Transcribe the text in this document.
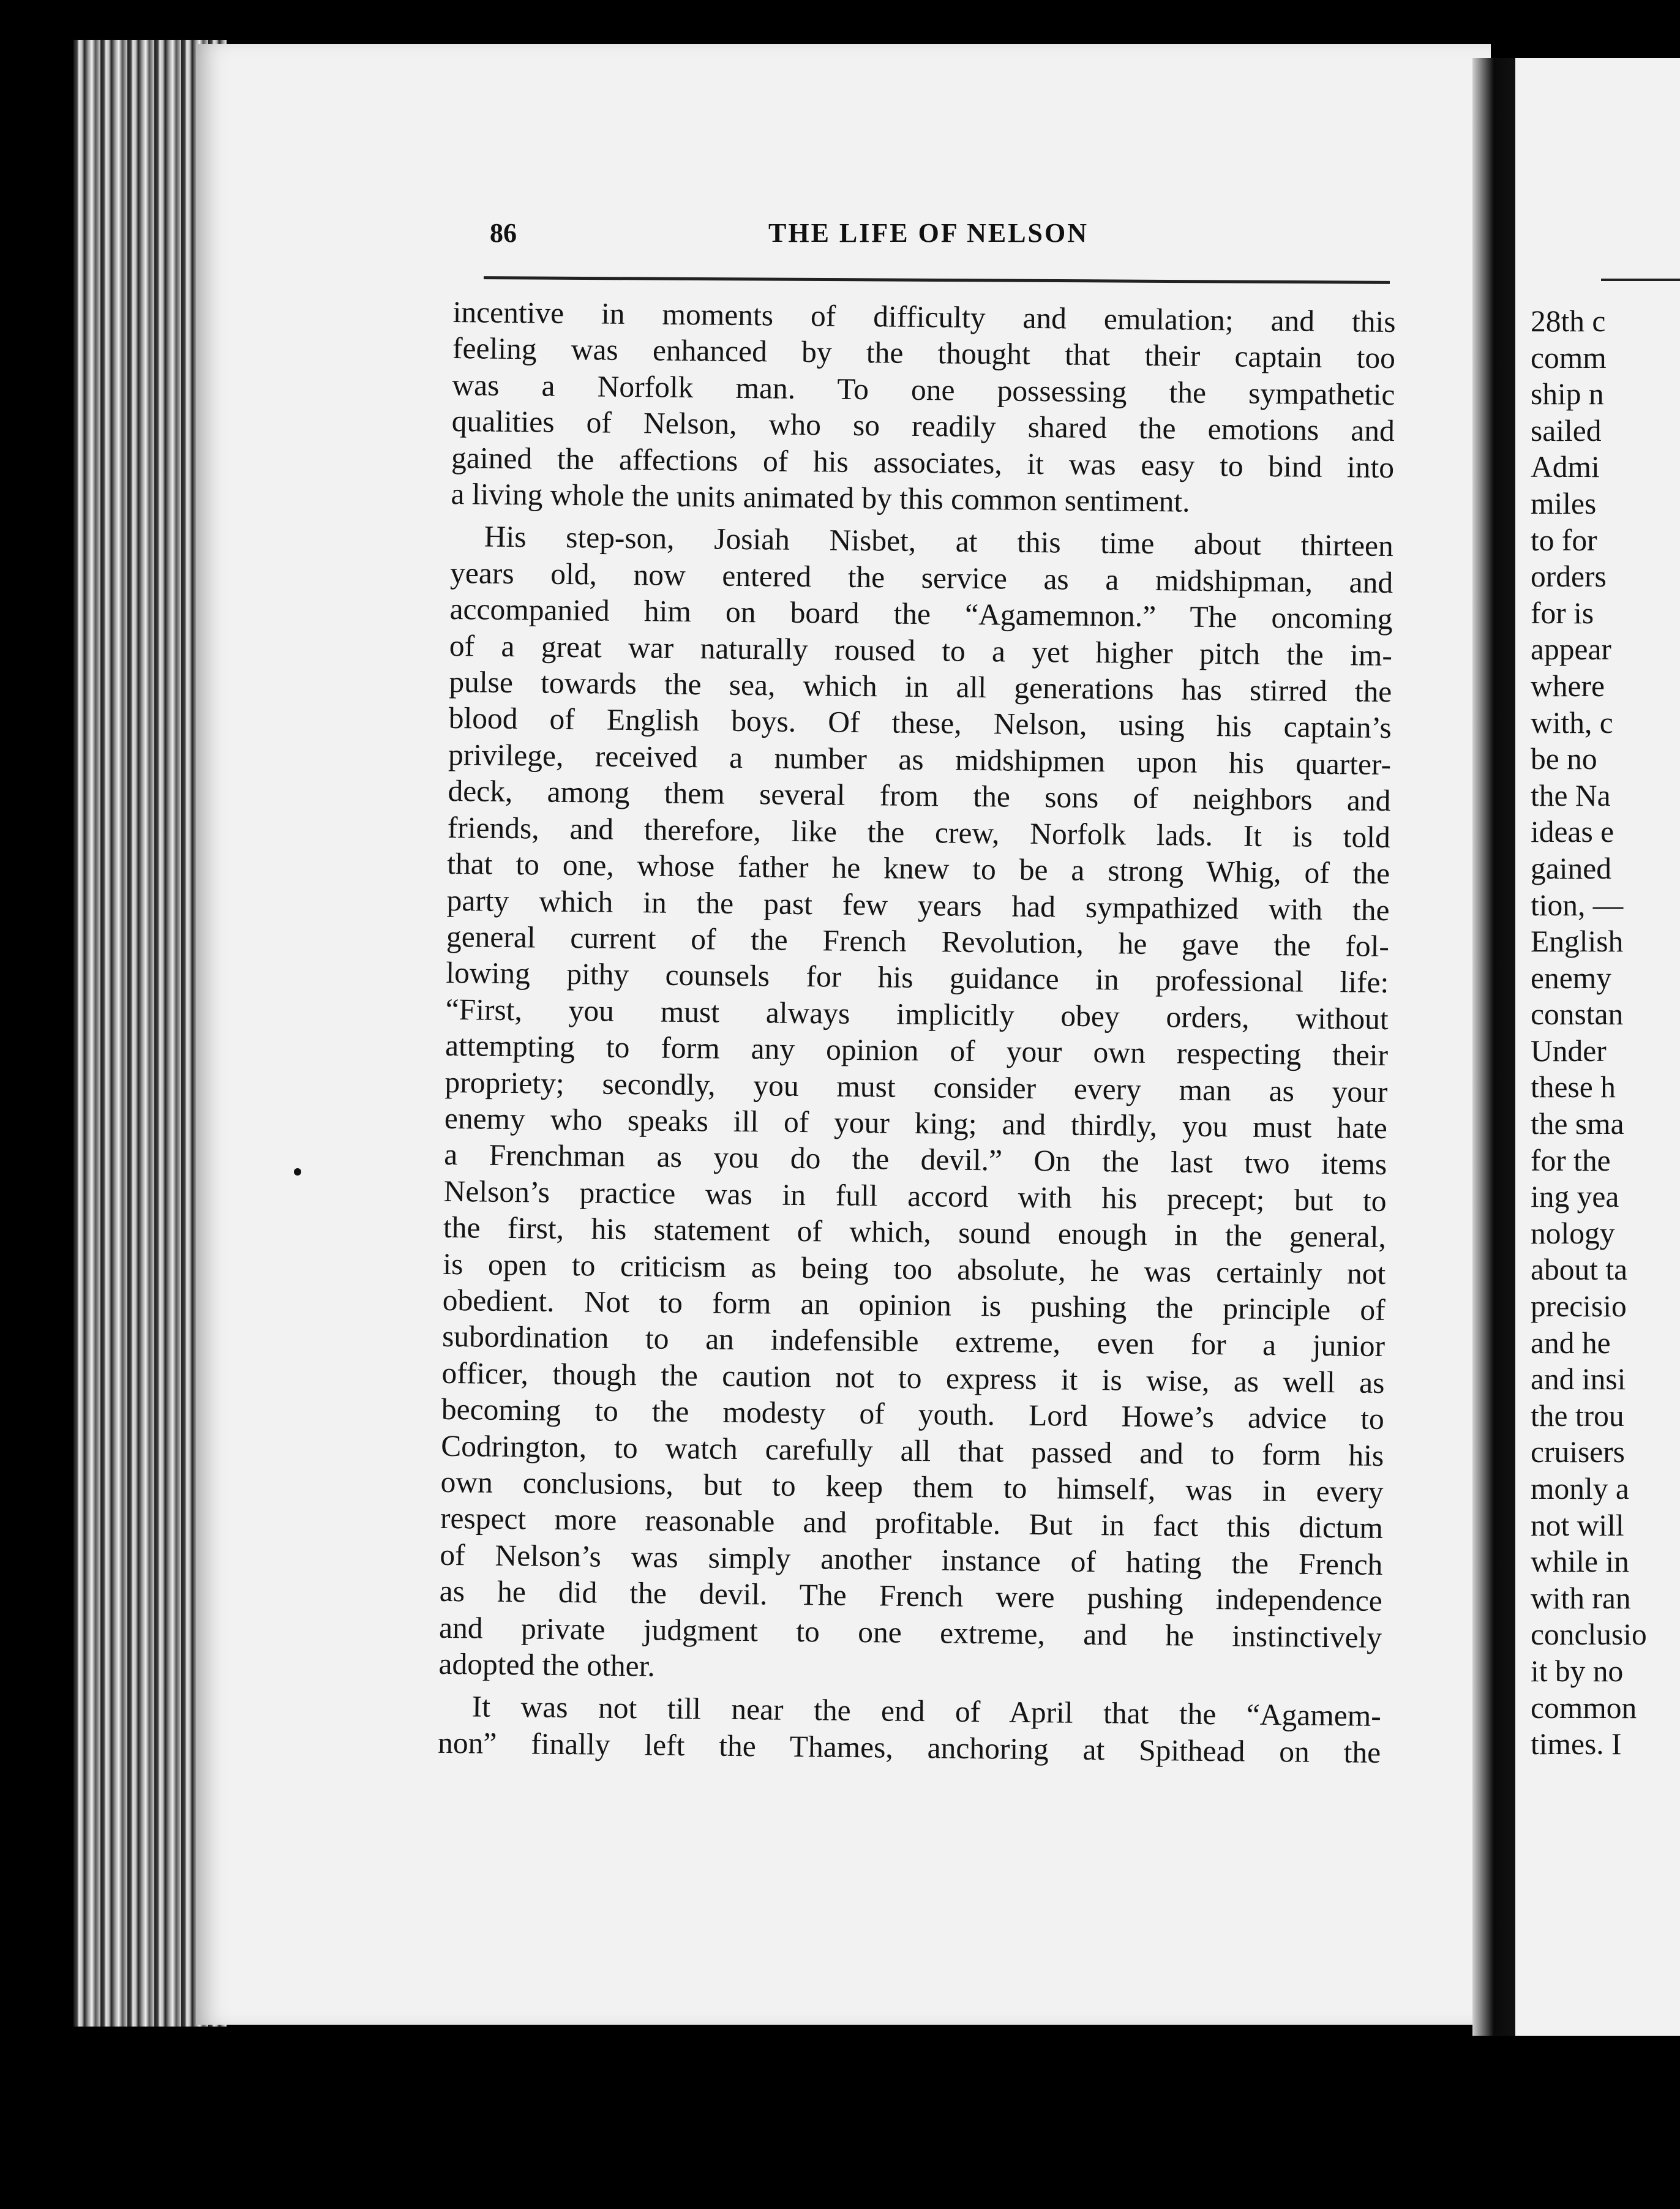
28th c
comm
ship n
sailed
Admi
miles
to for
orders
for is
appear
where
with, c
be no
the Na
ideas e
gained
tion, —
English
enemy
constan
Under
these h
the sma
for the
ing yea
nology
about ta
precisio
and he
and insi
the trou
cruisers
monly a
not will
while in
with ran
conclusio
it by no
common
times. I
86	THE LIFE OF NELSON
incentive in moments of difficulty and emulation; and this
feeling was enhanced by the thought that their captain too
was a Norfolk man. To one possessing the sympathetic
qualities of Nelson, who so readily shared the emotions and
gained the affections of his associates, it was easy to bind into
a living whole the units animated by this common sentiment.
His step-son, Josiah Nisbet, at this time about thirteen
years old, now entered the service as a midshipman, and
accompanied him on board the “Agamemnon.” The oncoming
of a great war naturally roused to a yet higher pitch the im-
pulse towards the sea, which in all generations has stirred the
blood of English boys. Of these, Nelson, using his captain’s
privilege, received a number as midshipmen upon his quarter-
deck, among them several from the sons of neighbors and
friends, and therefore, like the crew, Norfolk lads. It is told
that to one, whose father he knew to be a strong Whig, of the
party which in the past few years had sympathized with the
general current of the French Revolution, he gave the fol-
lowing pithy counsels for his guidance in professional life:
“First, you must always implicitly obey orders, without
attempting to form any opinion of your own respecting their
propriety; secondly, you must consider every man as your
enemy who speaks ill of your king; and thirdly, you must hate
a Frenchman as you do the devil.” On the last two items
Nelson’s practice was in full accord with his precept; but to
the first, his statement of which, sound enough in the general,
is open to criticism as being too absolute, he was certainly not
obedient. Not to form an opinion is pushing the principle of
subordination to an indefensible extreme, even for a junior
officer, though the caution not to express it is wise, as well as
becoming to the modesty of youth. Lord Howe’s advice to
Codrington, to watch carefully all that passed and to form his
own conclusions, but to keep them to himself, was in every
respect more reasonable and profitable. But in fact this dictum
of Nelson’s was simply another instance of hating the French
as he did the devil. The French were pushing independence
and private judgment to one extreme, and he instinctively
adopted the other.
It was not till near the end of April that the “Agamem-
non” finally left the Thames, anchoring at Spithead on the
